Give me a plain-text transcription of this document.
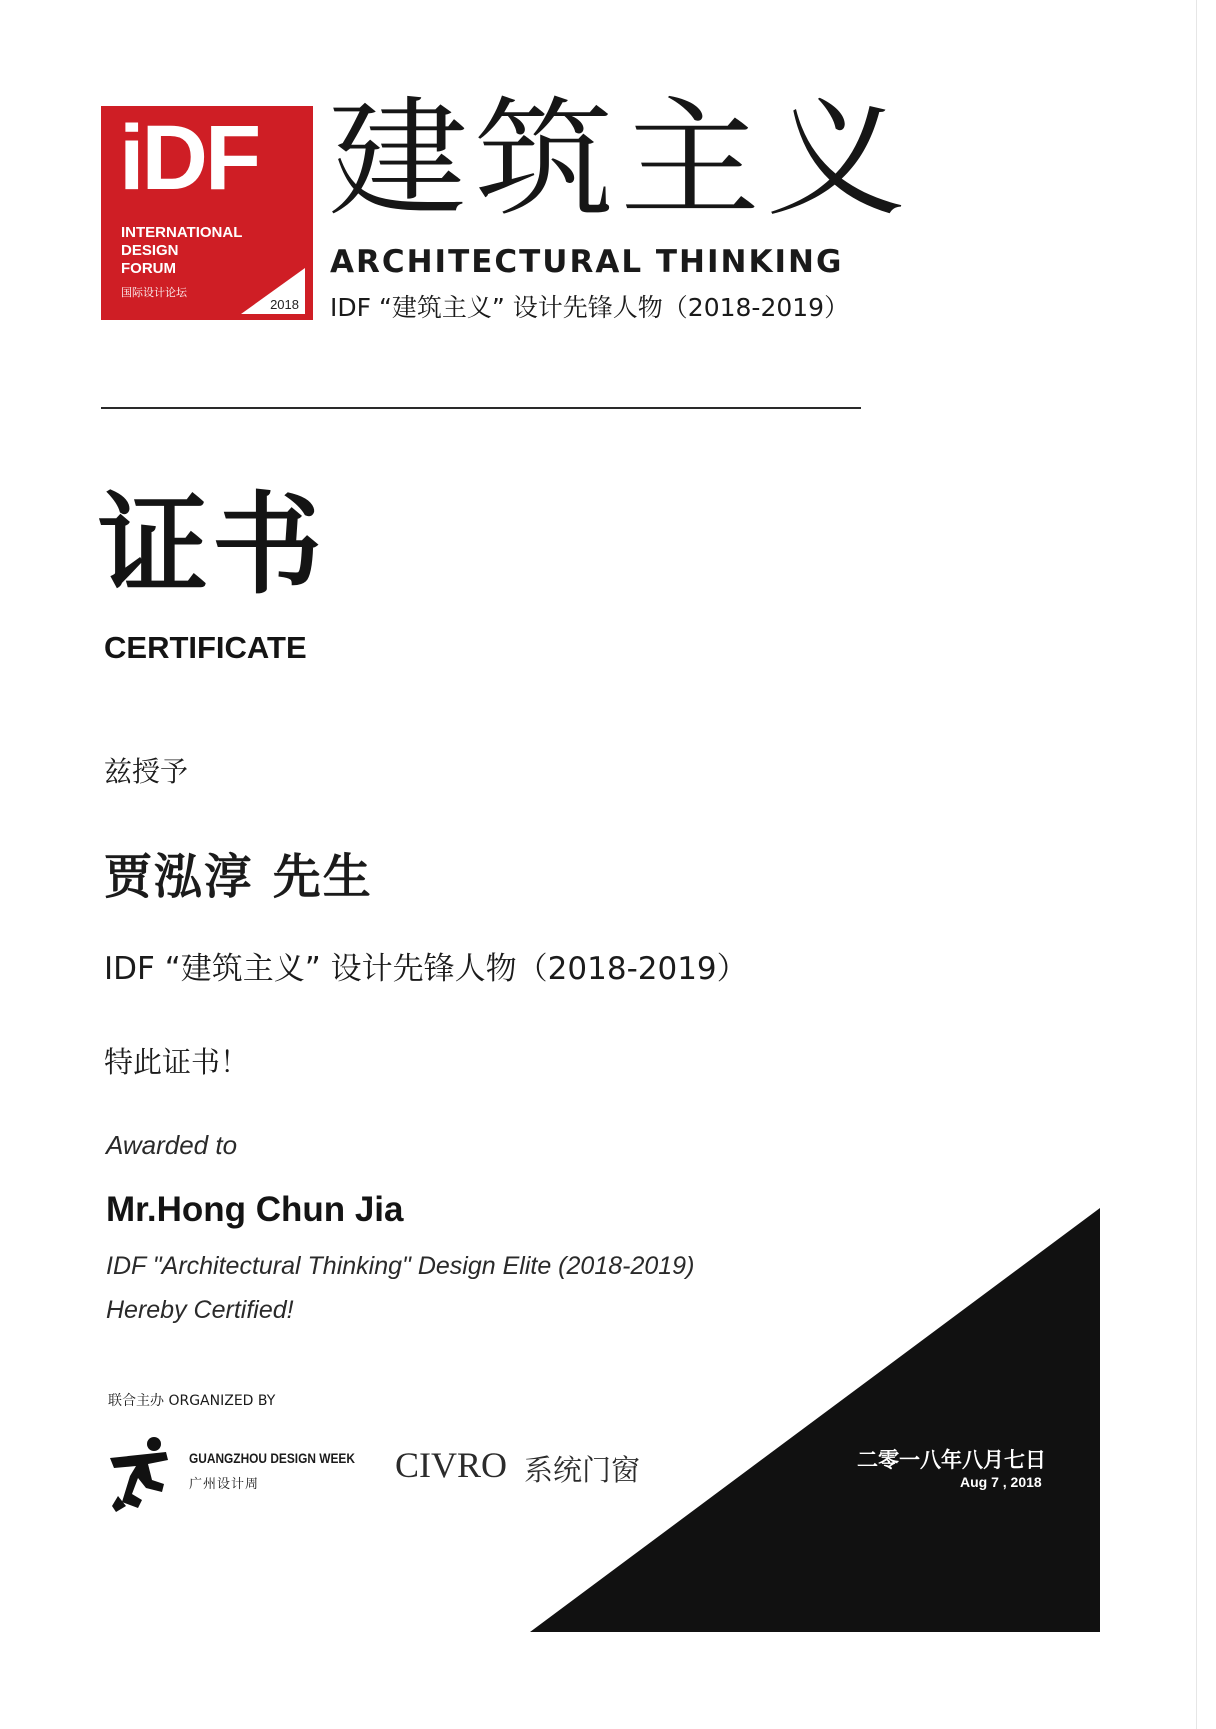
iDF
INTERNATIONAL
DESIGN
FORUM
国际设计论坛
2018
建筑主义
ARCHITECTURAL THINKING
IDF “建筑主义” 设计先锋人物（2018-2019）
证书
CERTIFICATE
兹授予
贾泓淳 先生
IDF “建筑主义” 设计先锋人物（2018-2019）
特此证书！
Awarded to
Mr.Hong Chun Jia
IDF "Architectural Thinking" Design Elite (2018-2019)
Hereby Certified!
联合主办 ORGANIZED BY
GUANGZHOU DESIGN WEEK
广州设计周	CIVRO 系统门窗	二零一八年八月七日
Aug 7 , 2018
